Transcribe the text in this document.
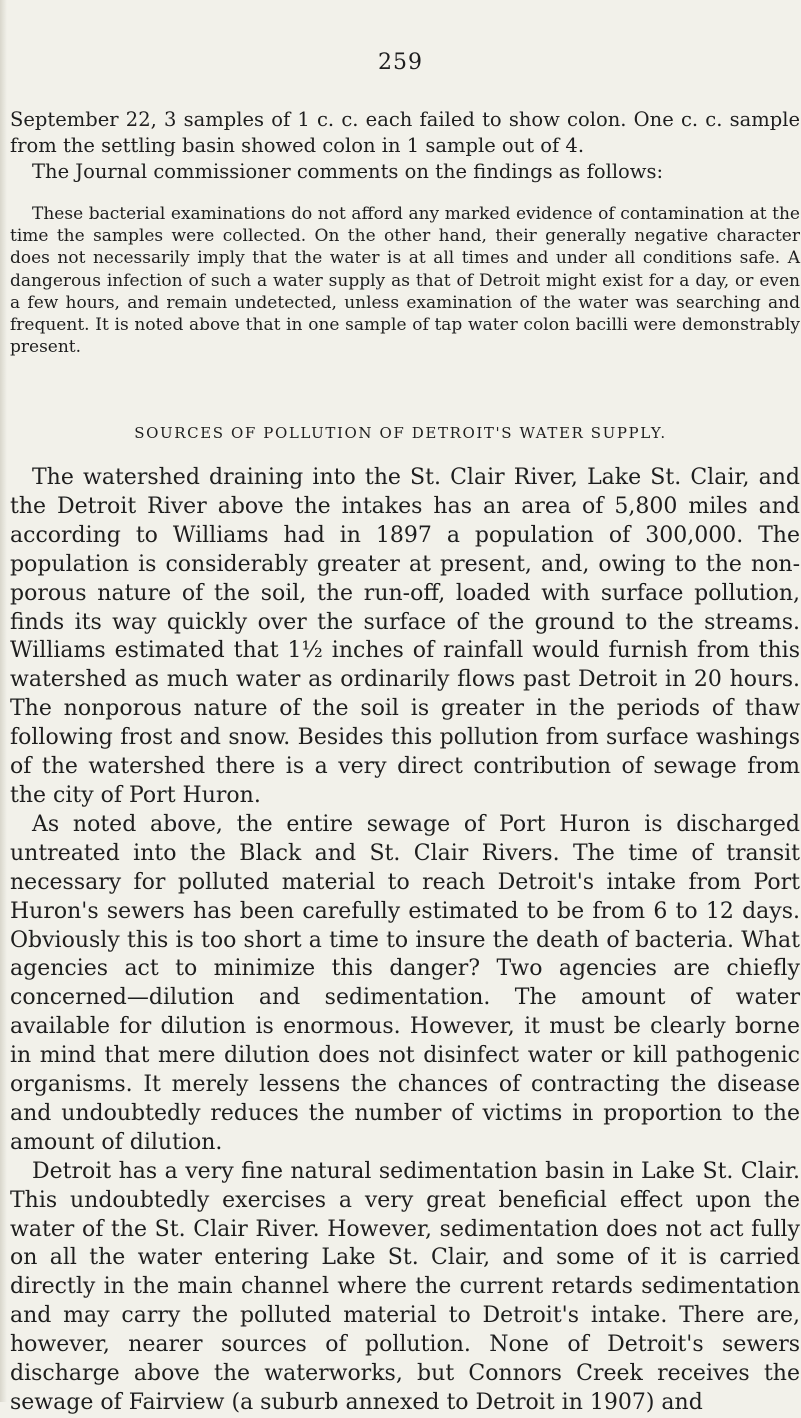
259

September 22, 3 samples of 1 c. c. each failed to show colon. One c. c. sample from the settling basin showed colon in 1 sample out of 4.

The Journal commissioner comments on the findings as follows:

These bacterial examinations do not afford any marked evidence of contamination at the time the samples were collected. On the other hand, their generally negative character does not necessarily imply that the water is at all times and under all conditions safe. A dangerous infection of such a water supply as that of Detroit might exist for a day, or even a few hours, and remain undetected, unless examination of the water was searching and frequent. It is noted above that in one sample of tap water colon bacilli were demonstrably present.

SOURCES OF POLLUTION OF DETROIT'S WATER SUPPLY.

The watershed draining into the St. Clair River, Lake St. Clair, and the Detroit River above the intakes has an area of 5,800 miles and according to Williams had in 1897 a population of 300,000. The population is considerably greater at present, and, owing to the non-porous nature of the soil, the run-off, loaded with surface pollution, finds its way quickly over the surface of the ground to the streams. Williams estimated that 1½ inches of rainfall would furnish from this watershed as much water as ordinarily flows past Detroit in 20 hours. The nonporous nature of the soil is greater in the periods of thaw following frost and snow. Besides this pollution from surface washings of the watershed there is a very direct contribution of sewage from the city of Port Huron.

As noted above, the entire sewage of Port Huron is discharged untreated into the Black and St. Clair Rivers. The time of transit necessary for polluted material to reach Detroit's intake from Port Huron's sewers has been carefully estimated to be from 6 to 12 days. Obviously this is too short a time to insure the death of bacteria. What agencies act to minimize this danger? Two agencies are chiefly concerned—dilution and sedimentation. The amount of water available for dilution is enormous. However, it must be clearly borne in mind that mere dilution does not disinfect water or kill pathogenic organisms. It merely lessens the chances of contracting the disease and undoubtedly reduces the number of victims in proportion to the amount of dilution.

Detroit has a very fine natural sedimentation basin in Lake St. Clair. This undoubtedly exercises a very great beneficial effect upon the water of the St. Clair River. However, sedimentation does not act fully on all the water entering Lake St. Clair, and some of it is carried directly in the main channel where the current retards sedimentation and may carry the polluted material to Detroit's intake. There are, however, nearer sources of pollution. None of Detroit's sewers discharge above the waterworks, but Connors Creek receives the sewage of Fairview (a suburb annexed to Detroit in 1907) and
